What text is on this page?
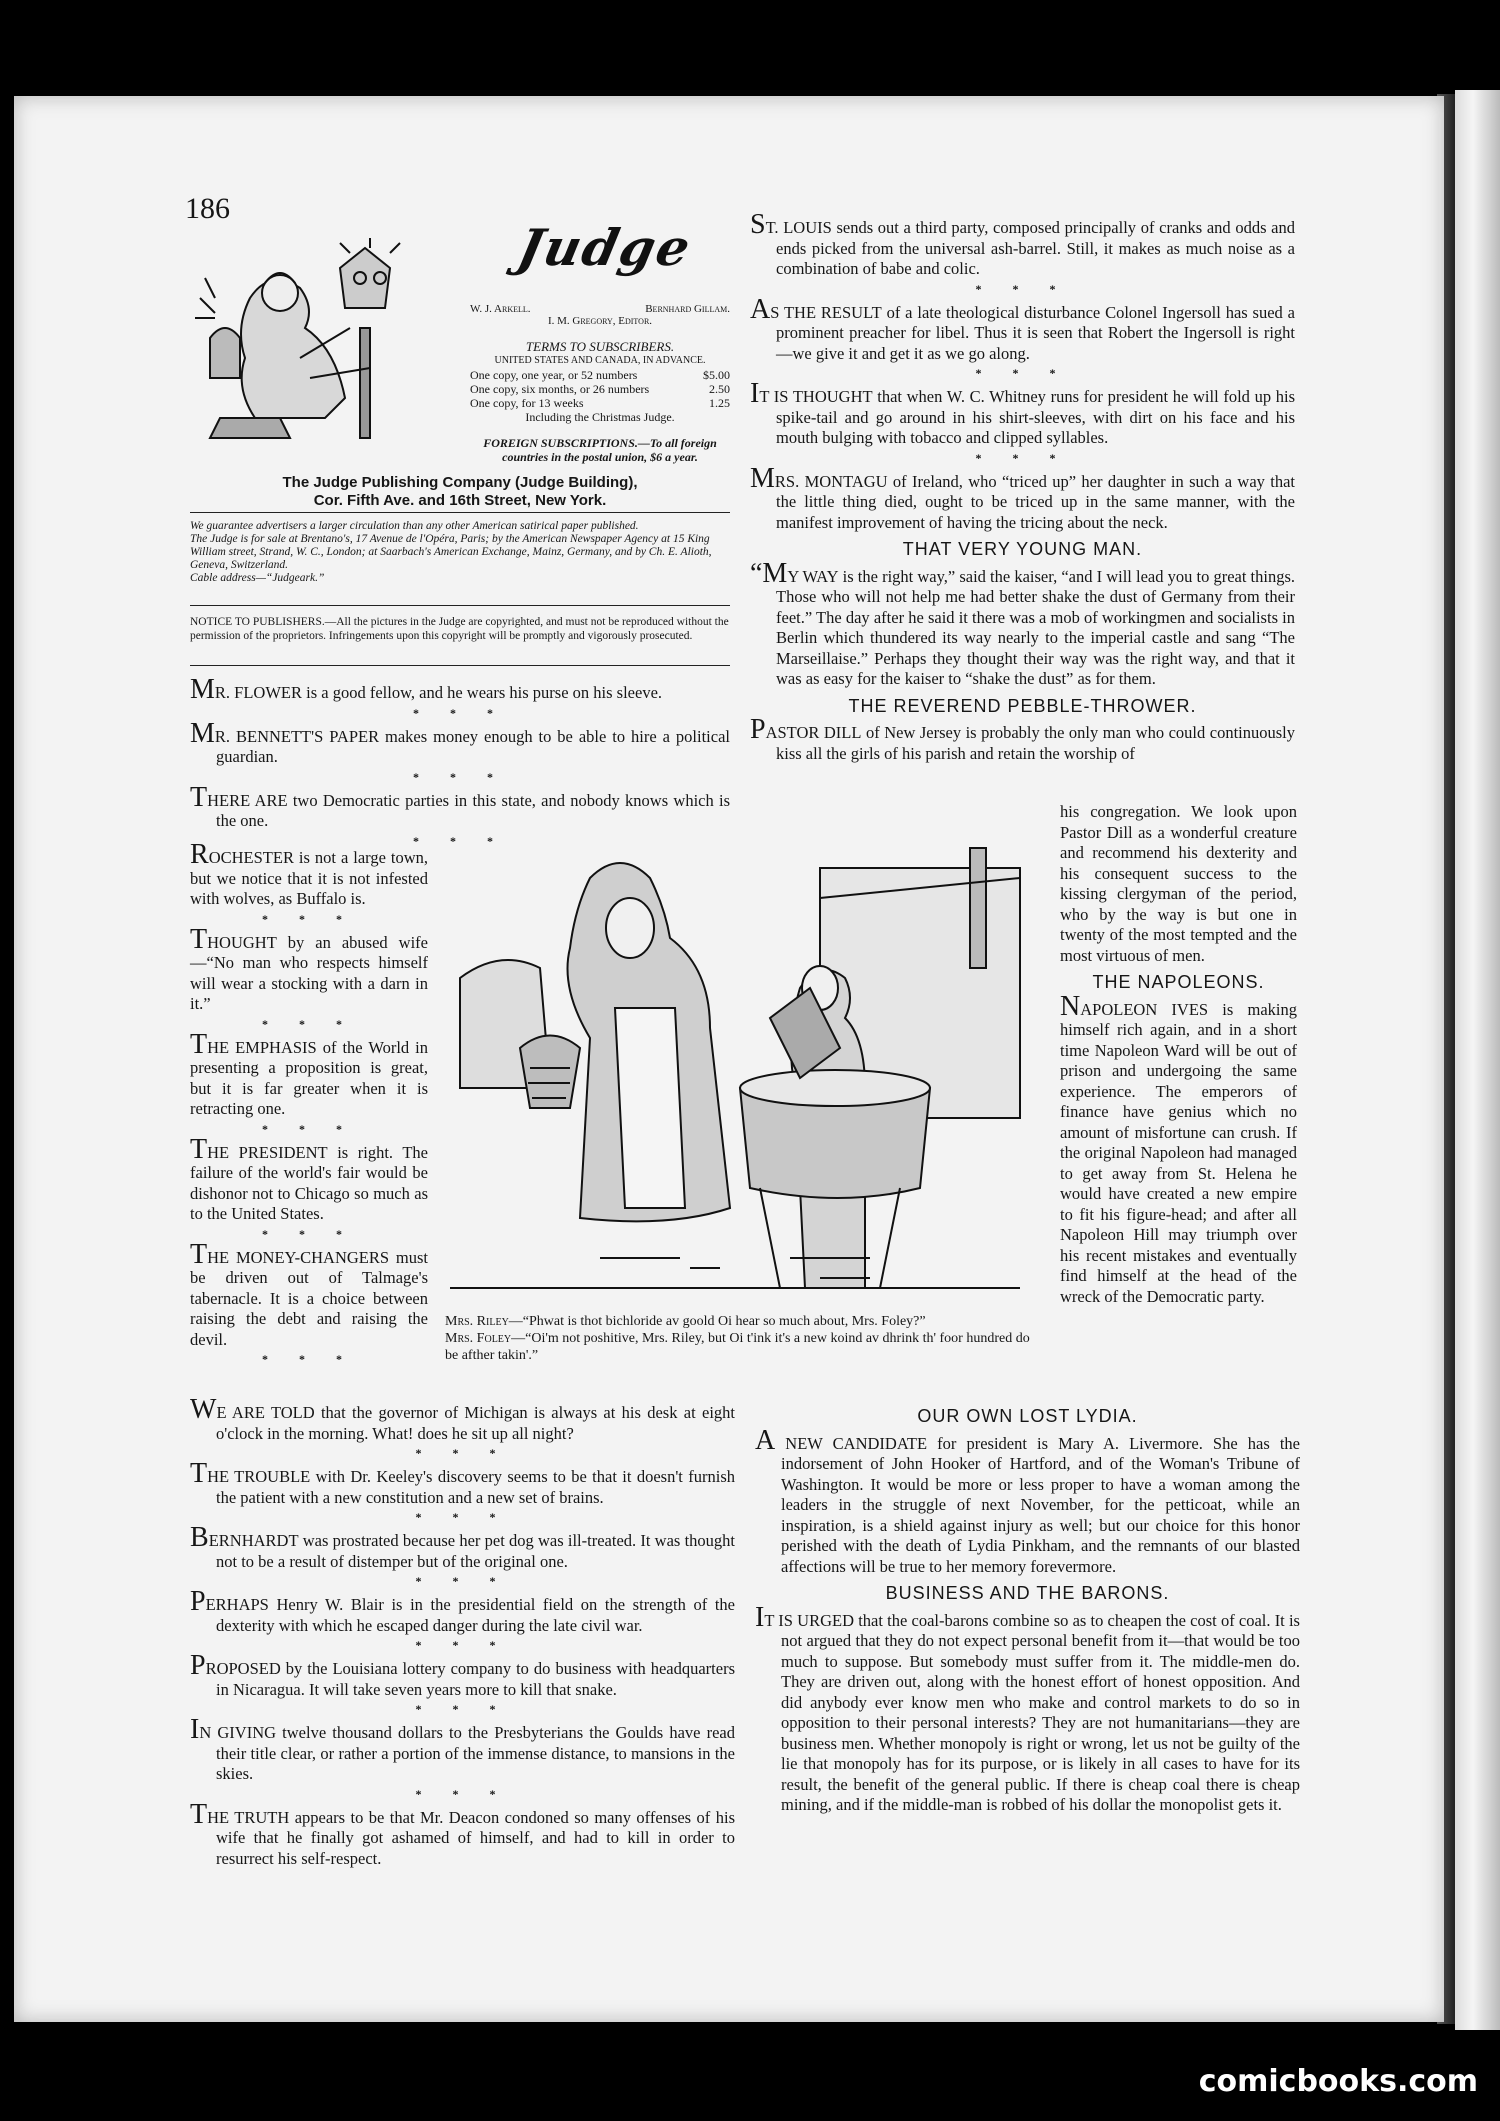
186
Judge
W. J. Arkell.	Bernhard Gillam.
I. M. Gregory, Editor.
TERMS TO SUBSCRIBERS.
UNITED STATES AND CANADA, IN ADVANCE.
One copy, one year, or 52 numbers	$5.00
One copy, six months, or 26 numbers	2.50
One copy, for 13 weeks	1.25
Including the Christmas Judge.
FOREIGN SUBSCRIPTIONS.—To all foreign countries in the postal union, $6 a year.
The Judge Publishing Company (Judge Building),
Cor. Fifth Ave. and 16th Street, New York.
We guarantee advertisers a larger circulation than any other American satirical paper published.
The Judge is for sale at Brentano's, 17 Avenue de l'Opéra, Paris; by the American Newspaper Agency at 15 King William street, Strand, W. C., London; at Saarbach's American Exchange, Mainz, Germany, and by Ch. E. Alioth, Geneva, Switzerland.
Cable address—“Judgeark.”
NOTICE TO PUBLISHERS.—All the pictures in the Judge are copyrighted, and must not be reproduced without the permission of the proprietors. Infringements upon this copyright will be promptly and vigorously prosecuted.

MR. FLOWER is a good fellow, and he wears his purse on his sleeve.

* * *

MR. BENNETT'S PAPER makes money enough to be able to hire a political guardian.

* * *

THERE ARE two Democratic parties in this state, and nobody knows which is the one.

* * *

ROCHESTER is not a large town, but we notice that it is not infested with wolves, as Buffalo is.

* * *

THOUGHT by an abused wife—“No man who respects himself will wear a stocking with a darn in it.”

* * *

THE EMPHASIS of the World in presenting a proposition is great, but it is far greater when it is retracting one.

* * *

THE PRESIDENT is right. The failure of the world's fair would be dishonor not to Chicago so much as to the United States.

* * *

THE MONEY-CHANGERS must be driven out of Talmage's tabernacle. It is a choice between raising the debt and raising the devil.

* * *

Mrs. Riley—“Phwat is thot bichloride av goold Oi hear so much about, Mrs. Foley?”

Mrs. Foley—“Oi'm not poshitive, Mrs. Riley, but Oi t'ink it's a new koind av dhrink th' foor hundred do be afther takin'.”

WE ARE TOLD that the governor of Michigan is always at his desk at eight o'clock in the morning. What! does he sit up all night?

* * *

THE TROUBLE with Dr. Keeley's discovery seems to be that it doesn't furnish the patient with a new constitution and a new set of brains.

* * *

BERNHARDT was prostrated because her pet dog was ill-treated. It was thought not to be a result of distemper but of the original one.

* * *

PERHAPS Henry W. Blair is in the presidential field on the strength of the dexterity with which he escaped danger during the late civil war.

* * *

PROPOSED by the Louisiana lottery company to do business with headquarters in Nicaragua. It will take seven years more to kill that snake.

* * *

IN GIVING twelve thousand dollars to the Presbyterians the Goulds have read their title clear, or rather a portion of the immense distance, to mansions in the skies.

* * *

THE TRUTH appears to be that Mr. Deacon condoned so many offenses of his wife that he finally got ashamed of himself, and had to kill in order to resurrect his self-respect.

ST. LOUIS sends out a third party, composed principally of cranks and odds and ends picked from the universal ash-barrel. Still, it makes as much noise as a combination of babe and colic.

* * *

AS THE RESULT of a late theological disturbance Colonel Ingersoll has sued a prominent preacher for libel. Thus it is seen that Robert the Ingersoll is right—we give it and get it as we go along.

* * *

IT IS THOUGHT that when W. C. Whitney runs for president he will fold up his spike-tail and go around in his shirt-sleeves, with dirt on his face and his mouth bulging with tobacco and clipped syllables.

* * *

MRS. MONTAGU of Ireland, who “triced up” her daughter in such a way that the little thing died, ought to be triced up in the same manner, with the manifest improvement of having the tricing about the neck.

THAT VERY YOUNG MAN.

“MY WAY is the right way,” said the kaiser, “and I will lead you to great things. Those who will not help me had better shake the dust of Germany from their feet.” The day after he said it there was a mob of workingmen and socialists in Berlin which thundered its way nearly to the imperial castle and sang “The Marseillaise.” Perhaps they thought their way was the right way, and that it was as easy for the kaiser to “shake the dust” as for them.

THE REVEREND PEBBLE-THROWER.

PASTOR DILL of New Jersey is probably the only man who could continuously kiss all the girls of his parish and retain the worship of

his congregation. We look upon Pastor Dill as a wonderful creature and recommend his dexterity and his consequent success to the kissing clergyman of the period, who by the way is but one in twenty of the most tempted and the most virtuous of men.

THE NAPOLEONS.

NAPOLEON IVES is making himself rich again, and in a short time Napoleon Ward will be out of prison and undergoing the same experience. The emperors of finance have genius which no amount of misfortune can crush. If the original Napoleon had managed to get away from St. Helena he would have created a new empire to fit his figure-head; and after all Napoleon Hill may triumph over his recent mistakes and eventually find himself at the head of the wreck of the Democratic party.

OUR OWN LOST LYDIA.

A NEW CANDIDATE for president is Mary A. Livermore. She has the indorsement of John Hooker of Hartford, and of the Woman's Tribune of Washington. It would be more or less proper to have a woman among the leaders in the struggle of next November, for the petticoat, while an inspiration, is a shield against injury as well; but our choice for this honor perished with the death of Lydia Pinkham, and the remnants of our blasted affections will be true to her memory forevermore.

BUSINESS AND THE BARONS.

IT IS URGED that the coal-barons combine so as to cheapen the cost of coal. It is not argued that they do not expect personal benefit from it—that would be too much to suppose. But somebody must suffer from it. The middle-men do. They are driven out, along with the honest effort of honest opposition. And did anybody ever know men who make and control markets to do so in opposition to their personal interests? They are not humanitarians—they are business men. Whether monopoly is right or wrong, let us not be guilty of the lie that monopoly has for its purpose, or is likely in all cases to have for its result, the benefit of the general public. If there is cheap coal there is cheap mining, and if the middle-man is robbed of his dollar the monopolist gets it.

comicbooks.com
